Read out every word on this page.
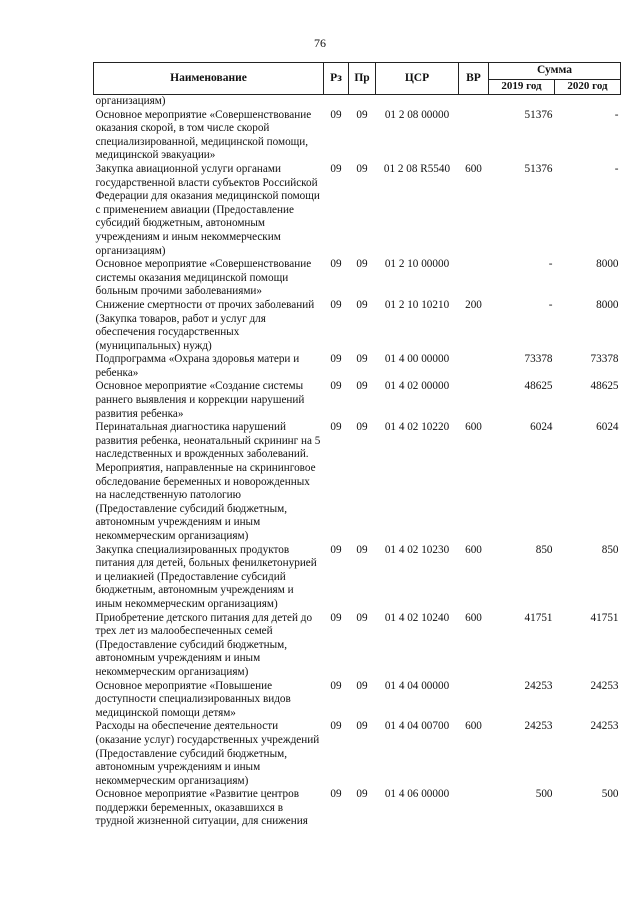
76
Наименование	Рз	Пр	ЦСР	ВР	Сумма	
					2019 год	2020 год
организациям)						
Основное мероприятие «Совершенствование оказания скорой, в том числе скорой специализированной, медицинской помощи, медицинской эвакуации»	09	09	01 2 08 00000		51376	-
Закупка авиационной услуги органами государственной власти субъектов Российской Федерации для оказания медицинской помощи с применением авиации (Предоставление субсидий бюджетным, автономным учреждениям и иным некоммерческим организациям)	09	09	01 2 08 R5540	600	51376	-
Основное мероприятие «Совершенствование системы оказания медицинской помощи больным прочими заболеваниями»	09	09	01 2 10 00000		-	8000
Снижение смертности от прочих заболеваний (Закупка товаров, работ и услуг для обеспечения государственных (муниципальных) нужд)	09	09	01 2 10 10210	200	-	8000
Подпрограмма «Охрана здоровья матери и ребенка»	09	09	01 4 00 00000		73378	73378
Основное мероприятие «Создание системы раннего выявления и коррекции нарушений развития ребенка»	09	09	01 4 02 00000		48625	48625
Перинатальная диагностика нарушений развития ребенка, неонатальный скрининг на 5 наследственных и врожденных заболеваний. Мероприятия, направленные на скрининговое обследование беременных и новорожденных на наследственную патологию (Предоставление субсидий бюджетным, автономным учреждениям и иным некоммерческим организациям)	09	09	01 4 02 10220	600	6024	6024
Закупка специализированных продуктов питания для детей, больных фенилкетонурией и целиакией (Предоставление субсидий бюджетным, автономным учреждениям и иным некоммерческим организациям)	09	09	01 4 02 10230	600	850	850
Приобретение детского питания для детей до трех лет из малообеспеченных семей (Предоставление субсидий бюджетным, автономным учреждениям и иным некоммерческим организациям)	09	09	01 4 02 10240	600	41751	41751
Основное мероприятие «Повышение доступности специализированных видов медицинской помощи детям»	09	09	01 4 04 00000		24253	24253
Расходы на обеспечение деятельности (оказание услуг) государственных учреждений (Предоставление субсидий бюджетным, автономным учреждениям и иным некоммерческим организациям)	09	09	01 4 04 00700	600	24253	24253
Основное мероприятие «Развитие центров поддержки беременных, оказавшихся в трудной жизненной ситуации, для снижения	09	09	01 4 06 00000		500	500
